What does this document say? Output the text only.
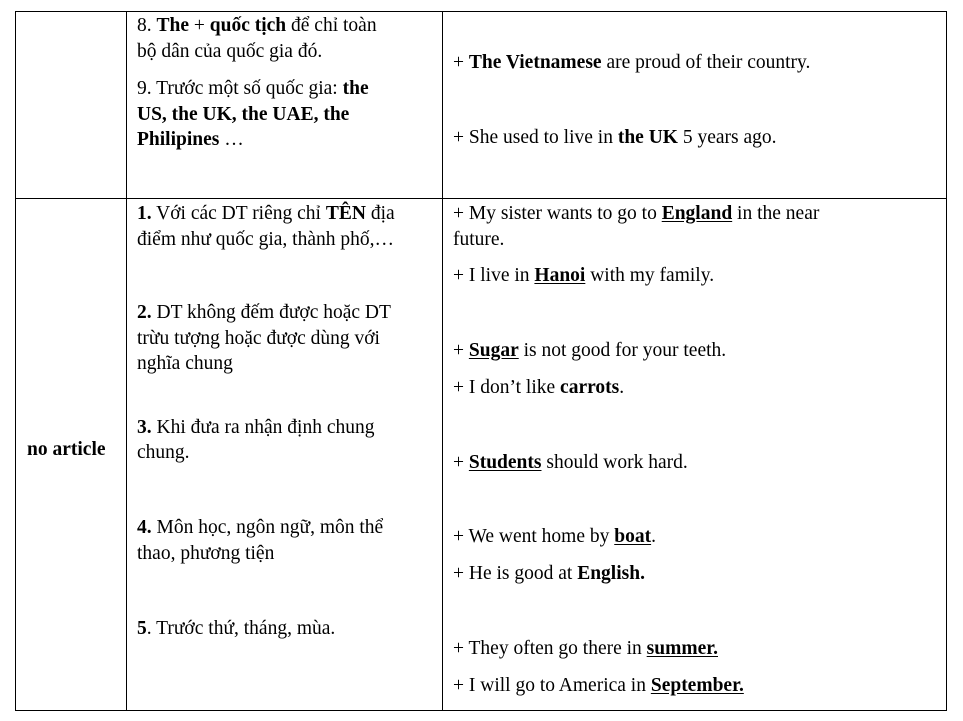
8. The + quốc tịch để chỉ toàn
bộ dân của quốc gia đó.
9. Trước một số quốc gia: the
US, the UK, the UAE, the
Philipines …
+ The Vietnamese are proud of their country.
+ She used to live in the UK 5 years ago.
no article
1. Với các DT riêng chỉ TÊN địa
điểm như quốc gia, thành phố,…
2. DT không đếm được hoặc DT
trừu tượng hoặc được dùng với
nghĩa chung
3. Khi đưa ra nhận định chung
chung.
4. Môn học, ngôn ngữ, môn thể
thao, phương tiện
5. Trước thứ, tháng, mùa.
+ My sister wants to go to England in the near
future.
+ I live in Hanoi with my family.
+ Sugar is not good for your teeth.
+ I don’t like carrots.
+ Students should work hard.
+ We went home by boat.
+ He is good at English.
+ They often go there in summer.
+ I will go to America in September.
